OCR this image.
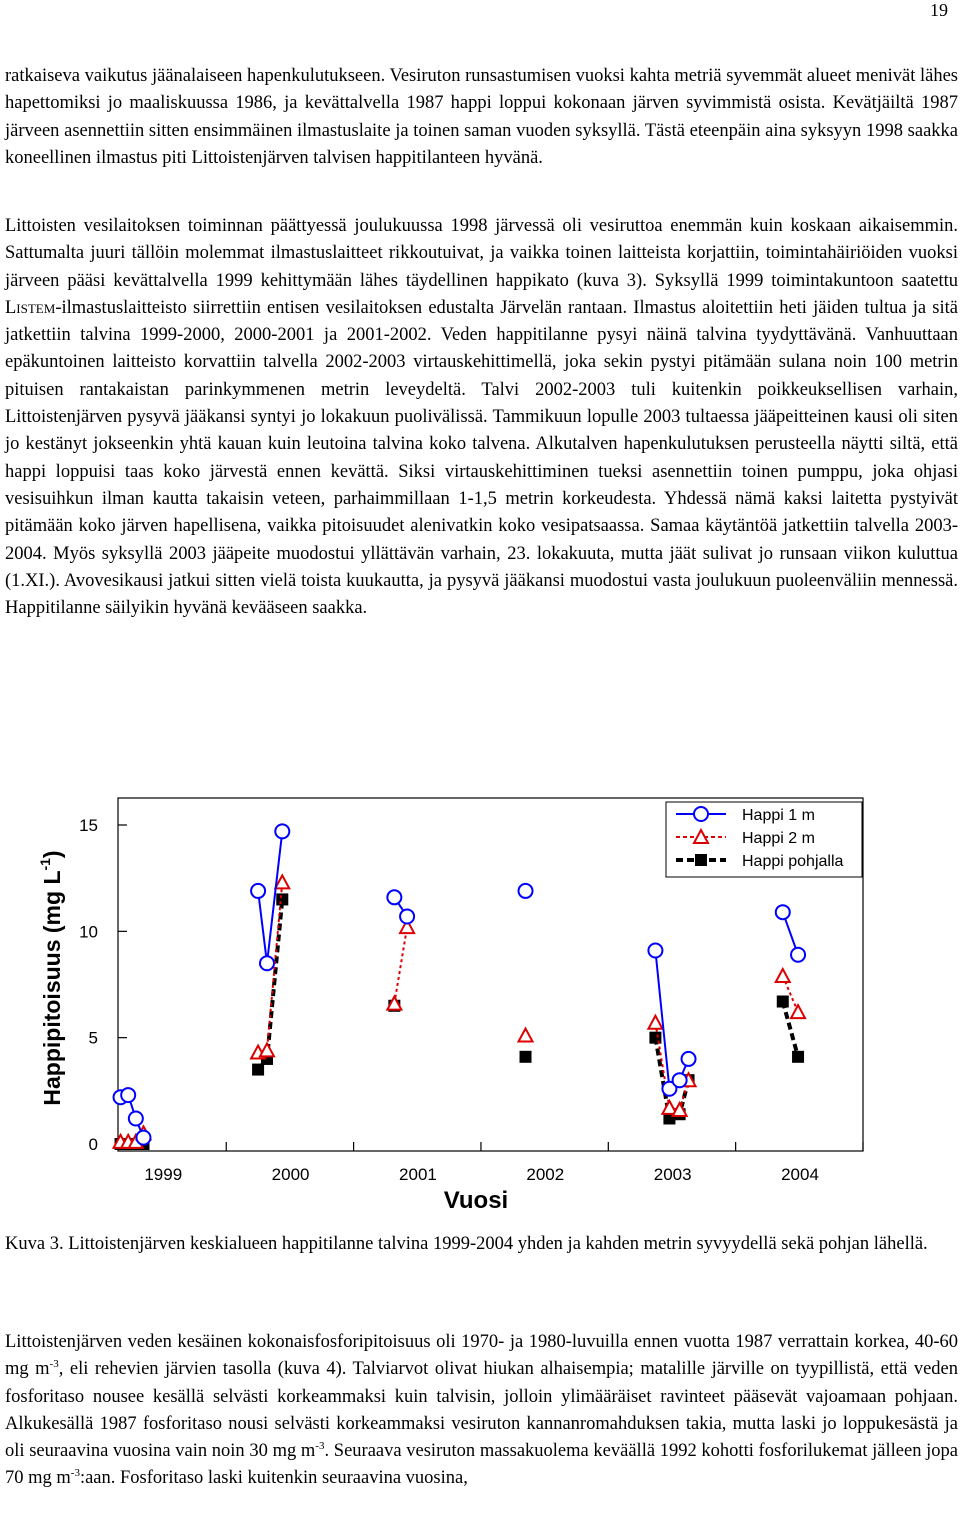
19

ratkaiseva vaikutus jäänalaiseen hapenkulutukseen. Vesiruton runsastumisen vuoksi kahta metriä syvemmät alueet menivät lähes hapettomiksi jo maaliskuussa 1986, ja kevättalvella 1987 happi loppui kokonaan järven syvimmistä osista. Kevätjäiltä 1987 järveen asennettiin sitten ensimmäinen ilmastuslaite ja toinen saman vuoden syksyllä. Tästä eteenpäin aina syksyyn 1998 saakka koneellinen ilmastus piti Littoistenjärven talvisen happitilanteen hyvänä.

Littoisten vesilaitoksen toiminnan päättyessä joulukuussa 1998 järvessä oli vesiruttoa enemmän kuin koskaan aikaisemmin. Sattumalta juuri tällöin molemmat ilmastuslaitteet rikkoutuivat, ja vaikka toinen laitteista korjattiin, toimintahäiriöiden vuoksi järveen pääsi kevättalvella 1999 kehittymään lähes täydellinen happikato (kuva 3). Syksyllä 1999 toimintakuntoon saatettu Listem-ilmastuslaitteisto siirrettiin entisen vesilaitoksen edustalta Järvelän rantaan. Ilmastus aloitettiin heti jäiden tultua ja sitä jatkettiin talvina 1999-2000, 2000-2001 ja 2001-2002. Veden happitilanne pysyi näinä talvina tyydyttävänä. Vanhuuttaan epäkuntoinen laitteisto korvattiin talvella 2002-2003 virtauskehittimellä, joka sekin pystyi pitämään sulana noin 100 metrin pituisen rantakaistan parinkymmenen metrin leveydeltä. Talvi 2002-2003 tuli kuitenkin poikkeuksellisen varhain, Littoistenjärven pysyvä jääkansi syntyi jo lokakuun puolivälissä. Tammikuun lopulle 2003 tultaessa jääpeitteinen kausi oli siten jo kestänyt jokseenkin yhtä kauan kuin leutoina talvina koko talvena. Alkutalven hapenkulutuksen perusteella näytti siltä, että happi loppuisi taas koko järvestä ennen kevättä. Siksi virtauskehittiminen tueksi asennettiin toinen pumppu, joka ohjasi vesisuihkun ilman kautta takaisin veteen, parhaimmillaan 1-1,5 metrin korkeudesta. Yhdessä nämä kaksi laitetta pystyivät pitämään koko järven hapellisena, vaikka pitoisuudet alenivatkin koko vesipatsaassa. Samaa käytäntöä jatkettiin talvella 2003-2004. Myös syksyllä 2003 jääpeite muodostui yllättävän varhain, 23. lokakuuta, mutta jäät sulivat jo runsaan viikon kuluttua (1.XI.). Avovesikausi jatkui sitten vielä toista kuukautta, ja pysyvä jääkansi muodostui vasta joulukuun puoleenväliin mennessä. Happitilanne säilyikin hyvänä kevääseen saakka.

0
5
10
15
1999	2000	2001	2002	2003	2004
Happipitoisuus (mg $L^{-1}$)
Vuosi
Happi 1 m
Happi 2 m
Happi pohjalla

Kuva 3. Littoistenjärven keskialueen happitilanne talvina 1999-2004 yhden ja kahden metrin syvyydellä sekä pohjan lähellä.

Littoistenjärven veden kesäinen kokonaisfosforipitoisuus oli 1970- ja 1980-luvuilla ennen vuotta 1987 verrattain korkea, 40-60 mg $m^{-3}$, eli rehevien järvien tasolla (kuva 4). Talviarvot olivat hiukan alhaisempia; matalille järville on tyypillistä, että veden fosforitaso nousee kesällä selvästi korkeammaksi kuin talvisin, jolloin ylimääräiset ravinteet pääsevät vajoamaan pohjaan. Alkukesällä 1987 fosforitaso nousi selvästi korkeammaksi vesiruton kannanromahduksen takia, mutta laski jo loppukesästä ja oli seuraavina vuosina vain noin 30 mg $m^{-3}$. Seuraava vesiruton massakuolema keväällä 1992 kohotti fosforilukemat jälleen jopa 70 mg $m^{-3}:aan$. Fosforitaso laski kuitenkin seuraavina vuosina,
